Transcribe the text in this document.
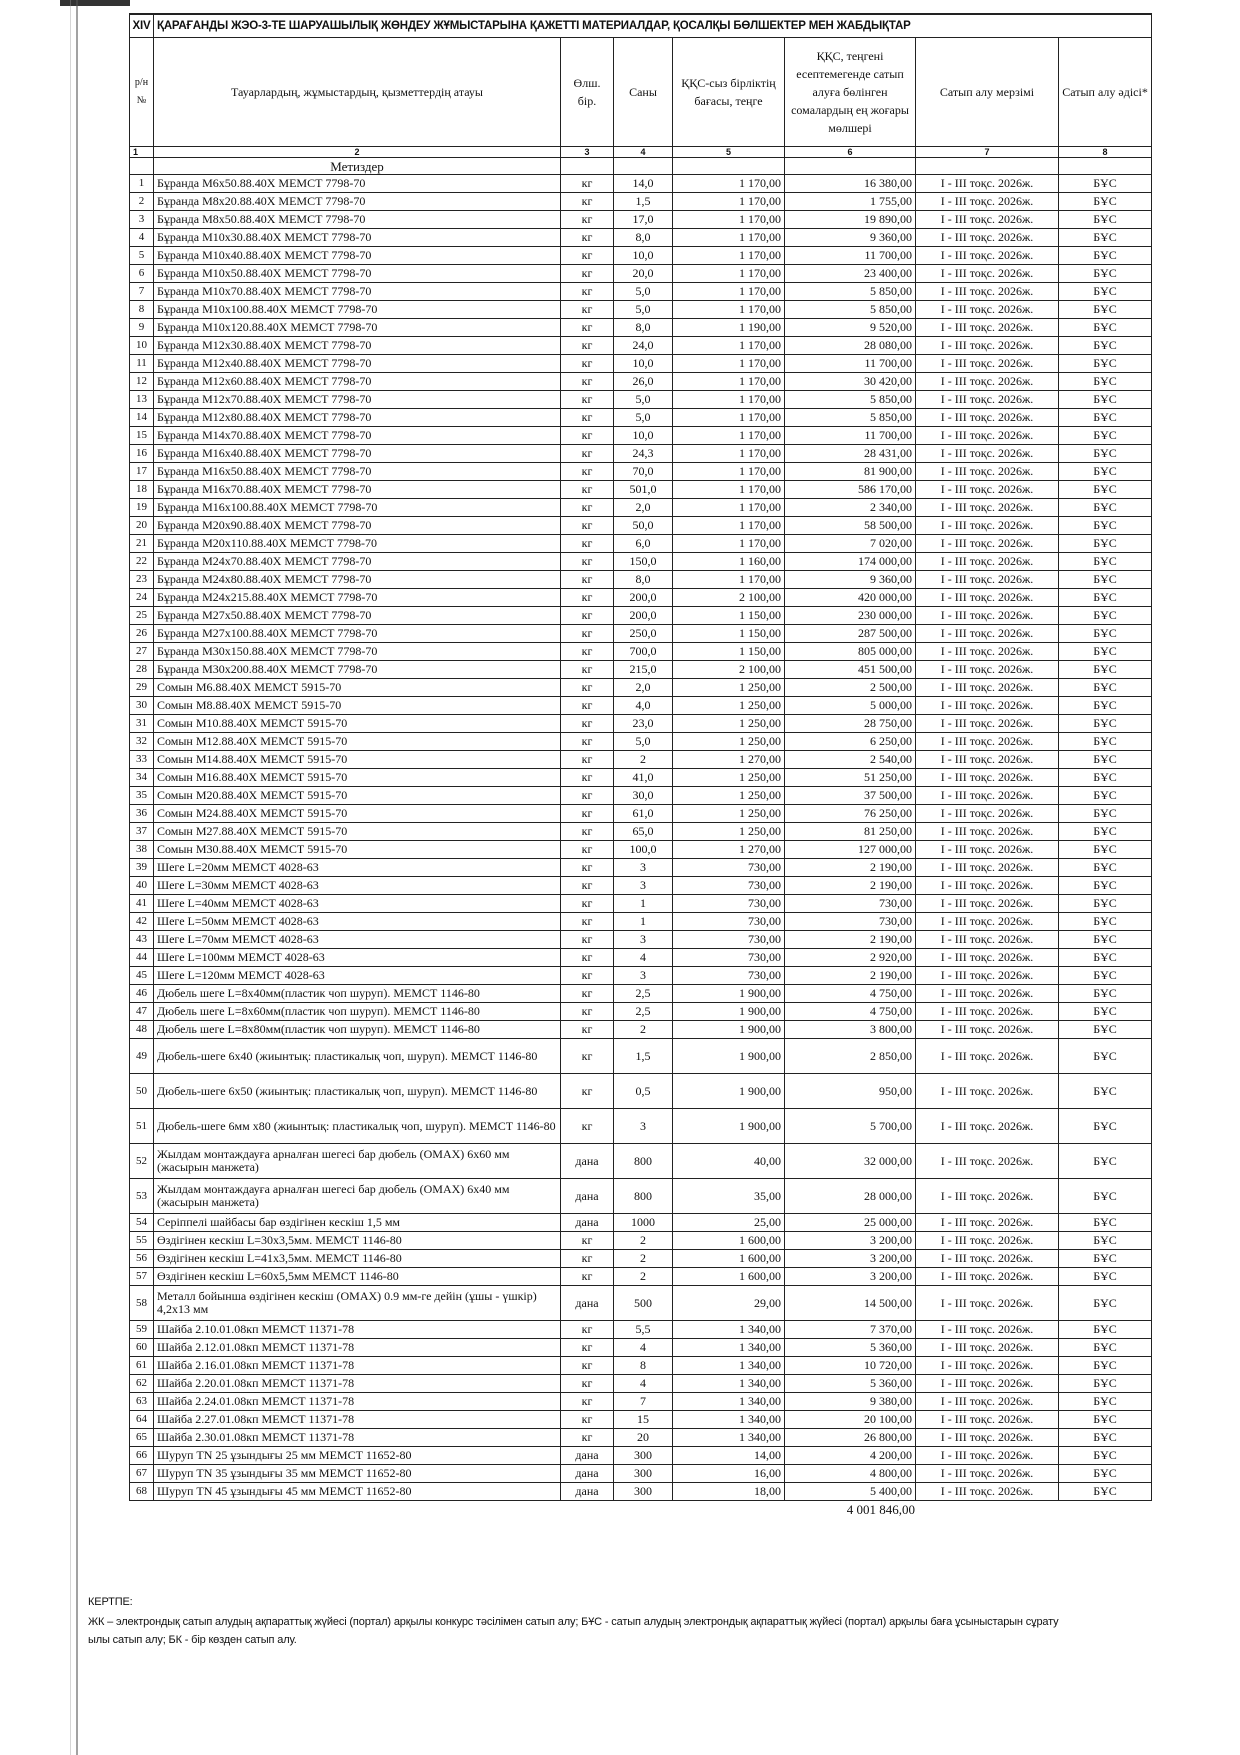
XIV	ҚАРАҒАНДЫ ЖЭО-3-ТЕ ШАРУАШЫЛЫҚ ЖӨНДЕУ ЖҰМЫСТАРЫНА ҚАЖЕТТІ МАТЕРИАЛДАР, ҚОСАЛҚЫ БӨЛШЕКТЕР МЕН ЖАБДЫҚТАР						
р/н №	Тауарлардың, жұмыстардың, қызметтердің атауы	Өлш. бір.	Саны	ҚҚС-сыз бірліктің бағасы, теңге	ҚҚС, теңгені есептемегенде сатып алуға бөлінген сомалардың ең жоғары мөлшері	Сатып алу мерзімі	Сатып алу әдісі*
1	2	3	4	5	6	7	8
	Метиздер						
1	Бұранда М6х50.88.40Х МЕМСТ 7798-70	кг	14,0	1 170,00	16 380,00	I - III тоқс. 2026ж.	БҰС
2	Бұранда М8х20.88.40Х МЕМСТ 7798-70	кг	1,5	1 170,00	1 755,00	I - III тоқс. 2026ж.	БҰС
3	Бұранда М8х50.88.40Х МЕМСТ 7798-70	кг	17,0	1 170,00	19 890,00	I - III тоқс. 2026ж.	БҰС
4	Бұранда М10х30.88.40Х МЕМСТ 7798-70	кг	8,0	1 170,00	9 360,00	I - III тоқс. 2026ж.	БҰС
5	Бұранда М10х40.88.40Х МЕМСТ 7798-70	кг	10,0	1 170,00	11 700,00	I - III тоқс. 2026ж.	БҰС
6	Бұранда М10х50.88.40Х МЕМСТ 7798-70	кг	20,0	1 170,00	23 400,00	I - III тоқс. 2026ж.	БҰС
7	Бұранда М10х70.88.40Х МЕМСТ 7798-70	кг	5,0	1 170,00	5 850,00	I - III тоқс. 2026ж.	БҰС
8	Бұранда М10х100.88.40Х МЕМСТ 7798-70	кг	5,0	1 170,00	5 850,00	I - III тоқс. 2026ж.	БҰС
9	Бұранда М10х120.88.40Х МЕМСТ 7798-70	кг	8,0	1 190,00	9 520,00	I - III тоқс. 2026ж.	БҰС
10	Бұранда М12х30.88.40Х МЕМСТ 7798-70	кг	24,0	1 170,00	28 080,00	I - III тоқс. 2026ж.	БҰС
11	Бұранда М12х40.88.40Х МЕМСТ 7798-70	кг	10,0	1 170,00	11 700,00	I - III тоқс. 2026ж.	БҰС
12	Бұранда М12х60.88.40Х МЕМСТ 7798-70	кг	26,0	1 170,00	30 420,00	I - III тоқс. 2026ж.	БҰС
13	Бұранда М12х70.88.40Х МЕМСТ 7798-70	кг	5,0	1 170,00	5 850,00	I - III тоқс. 2026ж.	БҰС
14	Бұранда М12х80.88.40Х МЕМСТ 7798-70	кг	5,0	1 170,00	5 850,00	I - III тоқс. 2026ж.	БҰС
15	Бұранда М14х70.88.40Х МЕМСТ 7798-70	кг	10,0	1 170,00	11 700,00	I - III тоқс. 2026ж.	БҰС
16	Бұранда М16х40.88.40Х МЕМСТ 7798-70	кг	24,3	1 170,00	28 431,00	I - III тоқс. 2026ж.	БҰС
17	Бұранда М16х50.88.40Х МЕМСТ 7798-70	кг	70,0	1 170,00	81 900,00	I - III тоқс. 2026ж.	БҰС
18	Бұранда М16х70.88.40Х МЕМСТ 7798-70	кг	501,0	1 170,00	586 170,00	I - III тоқс. 2026ж.	БҰС
19	Бұранда М16х100.88.40Х МЕМСТ 7798-70	кг	2,0	1 170,00	2 340,00	I - III тоқс. 2026ж.	БҰС
20	Бұранда М20х90.88.40Х МЕМСТ 7798-70	кг	50,0	1 170,00	58 500,00	I - III тоқс. 2026ж.	БҰС
21	Бұранда М20х110.88.40Х МЕМСТ 7798-70	кг	6,0	1 170,00	7 020,00	I - III тоқс. 2026ж.	БҰС
22	Бұранда М24х70.88.40Х МЕМСТ 7798-70	кг	150,0	1 160,00	174 000,00	I - III тоқс. 2026ж.	БҰС
23	Бұранда М24х80.88.40Х МЕМСТ 7798-70	кг	8,0	1 170,00	9 360,00	I - III тоқс. 2026ж.	БҰС
24	Бұранда М24х215.88.40Х МЕМСТ 7798-70	кг	200,0	2 100,00	420 000,00	I - III тоқс. 2026ж.	БҰС
25	Бұранда М27х50.88.40Х МЕМСТ 7798-70	кг	200,0	1 150,00	230 000,00	I - III тоқс. 2026ж.	БҰС
26	Бұранда М27х100.88.40Х МЕМСТ 7798-70	кг	250,0	1 150,00	287 500,00	I - III тоқс. 2026ж.	БҰС
27	Бұранда М30х150.88.40Х МЕМСТ 7798-70	кг	700,0	1 150,00	805 000,00	I - III тоқс. 2026ж.	БҰС
28	Бұранда М30х200.88.40Х МЕМСТ 7798-70	кг	215,0	2 100,00	451 500,00	I - III тоқс. 2026ж.	БҰС
29	Сомын М6.88.40Х МЕМСТ 5915-70	кг	2,0	1 250,00	2 500,00	I - III тоқс. 2026ж.	БҰС
30	Сомын М8.88.40Х МЕМСТ 5915-70	кг	4,0	1 250,00	5 000,00	I - III тоқс. 2026ж.	БҰС
31	Сомын М10.88.40Х МЕМСТ 5915-70	кг	23,0	1 250,00	28 750,00	I - III тоқс. 2026ж.	БҰС
32	Сомын М12.88.40Х МЕМСТ 5915-70	кг	5,0	1 250,00	6 250,00	I - III тоқс. 2026ж.	БҰС
33	Сомын М14.88.40Х МЕМСТ 5915-70	кг	2	1 270,00	2 540,00	I - III тоқс. 2026ж.	БҰС
34	Сомын М16.88.40Х МЕМСТ 5915-70	кг	41,0	1 250,00	51 250,00	I - III тоқс. 2026ж.	БҰС
35	Сомын М20.88.40Х МЕМСТ 5915-70	кг	30,0	1 250,00	37 500,00	I - III тоқс. 2026ж.	БҰС
36	Сомын М24.88.40Х МЕМСТ 5915-70	кг	61,0	1 250,00	76 250,00	I - III тоқс. 2026ж.	БҰС
37	Сомын М27.88.40Х МЕМСТ 5915-70	кг	65,0	1 250,00	81 250,00	I - III тоқс. 2026ж.	БҰС
38	Сомын М30.88.40Х МЕМСТ 5915-70	кг	100,0	1 270,00	127 000,00	I - III тоқс. 2026ж.	БҰС
39	Шеге L=20мм МЕМСТ 4028-63	кг	3	730,00	2 190,00	I - III тоқс. 2026ж.	БҰС
40	Шеге L=30мм МЕМСТ 4028-63	кг	3	730,00	2 190,00	I - III тоқс. 2026ж.	БҰС
41	Шеге L=40мм МЕМСТ 4028-63	кг	1	730,00	730,00	I - III тоқс. 2026ж.	БҰС
42	Шеге L=50мм МЕМСТ 4028-63	кг	1	730,00	730,00	I - III тоқс. 2026ж.	БҰС
43	Шеге L=70мм МЕМСТ 4028-63	кг	3	730,00	2 190,00	I - III тоқс. 2026ж.	БҰС
44	Шеге L=100мм МЕМСТ 4028-63	кг	4	730,00	2 920,00	I - III тоқс. 2026ж.	БҰС
45	Шеге L=120мм МЕМСТ 4028-63	кг	3	730,00	2 190,00	I - III тоқс. 2026ж.	БҰС
46	Дюбель шеге L=8х40мм(пластик чоп шуруп). МЕМСТ 1146-80	кг	2,5	1 900,00	4 750,00	I - III тоқс. 2026ж.	БҰС
47	Дюбель шеге L=8х60мм(пластик чоп шуруп). МЕМСТ 1146-80	кг	2,5	1 900,00	4 750,00	I - III тоқс. 2026ж.	БҰС
48	Дюбель шеге L=8х80мм(пластик чоп шуруп). МЕМСТ 1146-80	кг	2	1 900,00	3 800,00	I - III тоқс. 2026ж.	БҰС
49	Дюбель-шеге 6х40 (жиынтық: пластикалық чоп, шуруп). МЕМСТ 1146-80	кг	1,5	1 900,00	2 850,00	I - III тоқс. 2026ж.	БҰС
50	Дюбель-шеге 6х50 (жиынтық: пластикалық чоп, шуруп). МЕМСТ 1146-80	кг	0,5	1 900,00	950,00	I - III тоқс. 2026ж.	БҰС
51	Дюбель-шеге 6мм х80 (жиынтық: пластикалық чоп, шуруп). МЕМСТ 1146-80	кг	3	1 900,00	5 700,00	I - III тоқс. 2026ж.	БҰС
52	Жылдам монтаждауға арналған шегесі бар дюбель (OMAX) 6х60 мм (жасырын манжета)	дана	800	40,00	32 000,00	I - III тоқс. 2026ж.	БҰС
53	Жылдам монтаждауға арналған шегесі бар дюбель (OMAX) 6х40 мм (жасырын манжета)	дана	800	35,00	28 000,00	I - III тоқс. 2026ж.	БҰС
54	Серіппелі шайбасы бар өздігінен кескіш 1,5 мм	дана	1000	25,00	25 000,00	I - III тоқс. 2026ж.	БҰС
55	Өздігінен кескіш L=30х3,5мм. МЕМСТ 1146-80	кг	2	1 600,00	3 200,00	I - III тоқс. 2026ж.	БҰС
56	Өздігінен кескіш L=41х3,5мм. МЕМСТ 1146-80	кг	2	1 600,00	3 200,00	I - III тоқс. 2026ж.	БҰС
57	Өздігінен кескіш L=60х5,5мм МЕМСТ 1146-80	кг	2	1 600,00	3 200,00	I - III тоқс. 2026ж.	БҰС
58	Металл бойынша өздігінен кескіш (OMAX) 0.9 мм-ге дейін (ұшы - үшкір) 4,2х13 мм	дана	500	29,00	14 500,00	I - III тоқс. 2026ж.	БҰС
59	Шайба 2.10.01.08кп МЕМСТ 11371-78	кг	5,5	1 340,00	7 370,00	I - III тоқс. 2026ж.	БҰС
60	Шайба 2.12.01.08кп МЕМСТ 11371-78	кг	4	1 340,00	5 360,00	I - III тоқс. 2026ж.	БҰС
61	Шайба 2.16.01.08кп МЕМСТ 11371-78	кг	8	1 340,00	10 720,00	I - III тоқс. 2026ж.	БҰС
62	Шайба 2.20.01.08кп МЕМСТ 11371-78	кг	4	1 340,00	5 360,00	I - III тоқс. 2026ж.	БҰС
63	Шайба 2.24.01.08кп МЕМСТ 11371-78	кг	7	1 340,00	9 380,00	I - III тоқс. 2026ж.	БҰС
64	Шайба 2.27.01.08кп МЕМСТ 11371-78	кг	15	1 340,00	20 100,00	I - III тоқс. 2026ж.	БҰС
65	Шайба 2.30.01.08кп МЕМСТ 11371-78	кг	20	1 340,00	26 800,00	I - III тоқс. 2026ж.	БҰС
66	Шуруп TN 25 ұзындығы 25 мм МЕМСТ 11652-80	дана	300	14,00	4 200,00	I - III тоқс. 2026ж.	БҰС
67	Шуруп TN 35 ұзындығы 35 мм МЕМСТ 11652-80	дана	300	16,00	4 800,00	I - III тоқс. 2026ж.	БҰС
68	Шуруп TN 45 ұзындығы 45 мм МЕМСТ 11652-80	дана	300	18,00	5 400,00	I - III тоқс. 2026ж.	БҰС
4 001 846,00
КЕРТПЕ:
ЖК – электрондық сатып алудың ақпараттық жүйесі (портал) арқылы конкурс тәсілімен сатып алу; БҰС - сатып алудың электрондық ақпараттық жүйесі (портал) арқылы баға ұсыныстарын сұрату
ылы сатып алу; БК - бір көзден сатып алу.
